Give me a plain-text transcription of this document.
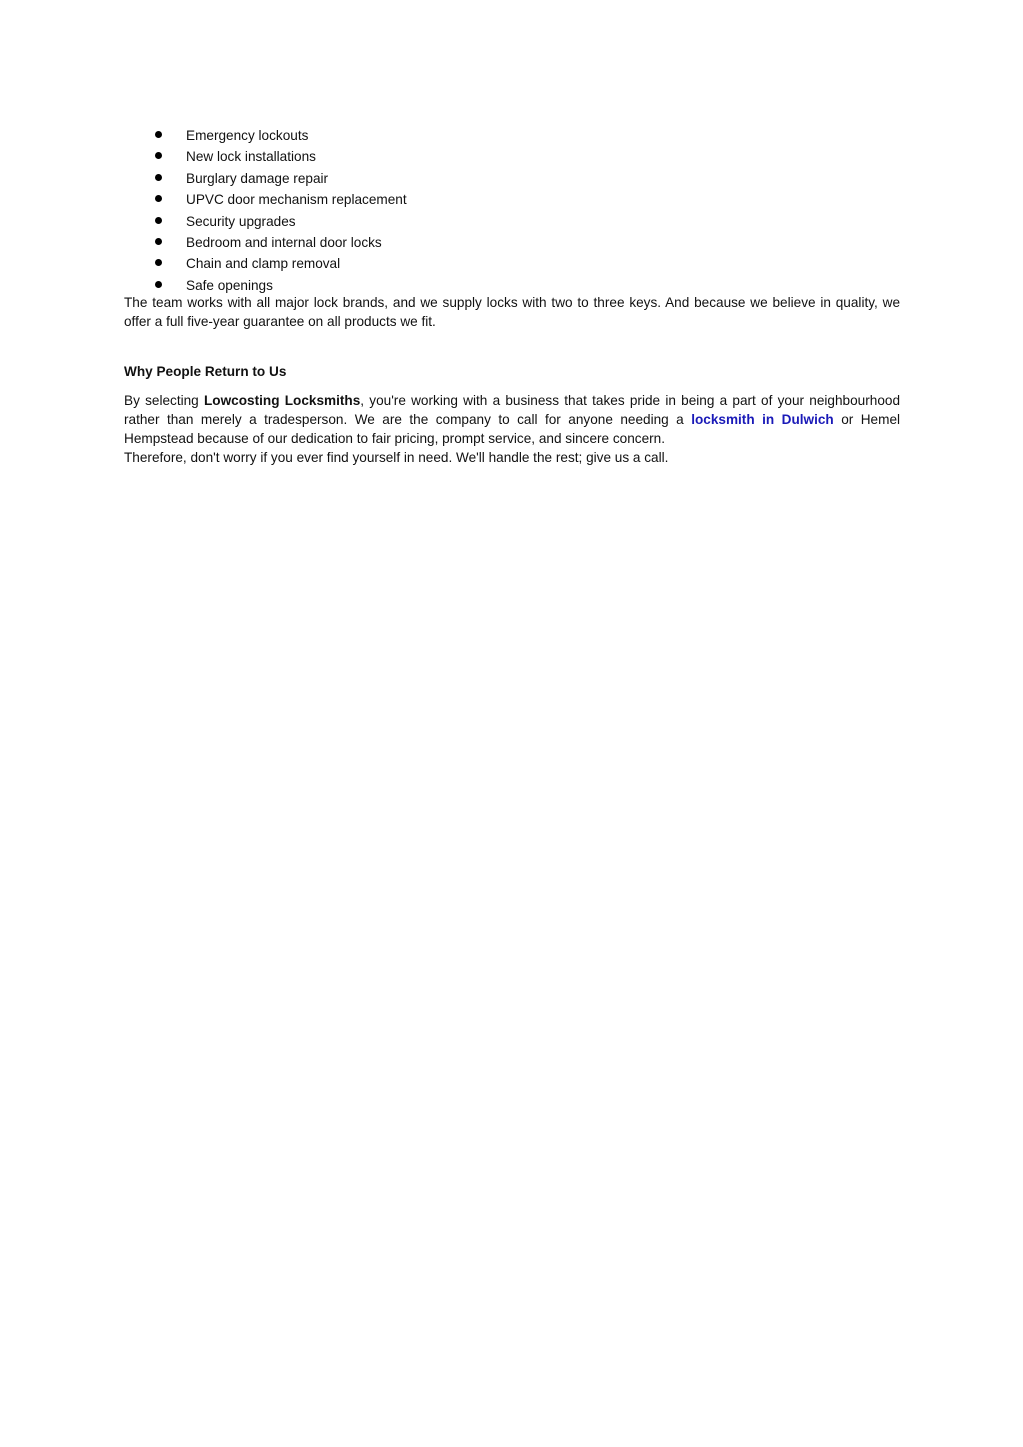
Emergency lockouts
New lock installations
Burglary damage repair
UPVC door mechanism replacement
Security upgrades
Bedroom and internal door locks
Chain and clamp removal
Safe openings

The team works with all major lock brands, and we supply locks with two to three keys. And because we believe in quality, we offer a full five-year guarantee on all products we fit.

Why People Return to Us

By selecting Lowcosting Locksmiths, you're working with a business that takes pride in being a part of your neighbourhood rather than merely a tradesperson. We are the company to call for anyone needing a locksmith in Dulwich or Hemel Hempstead because of our dedication to fair pricing, prompt service, and sincere concern.

Therefore, don't worry if you ever find yourself in need. We'll handle the rest; give us a call.
